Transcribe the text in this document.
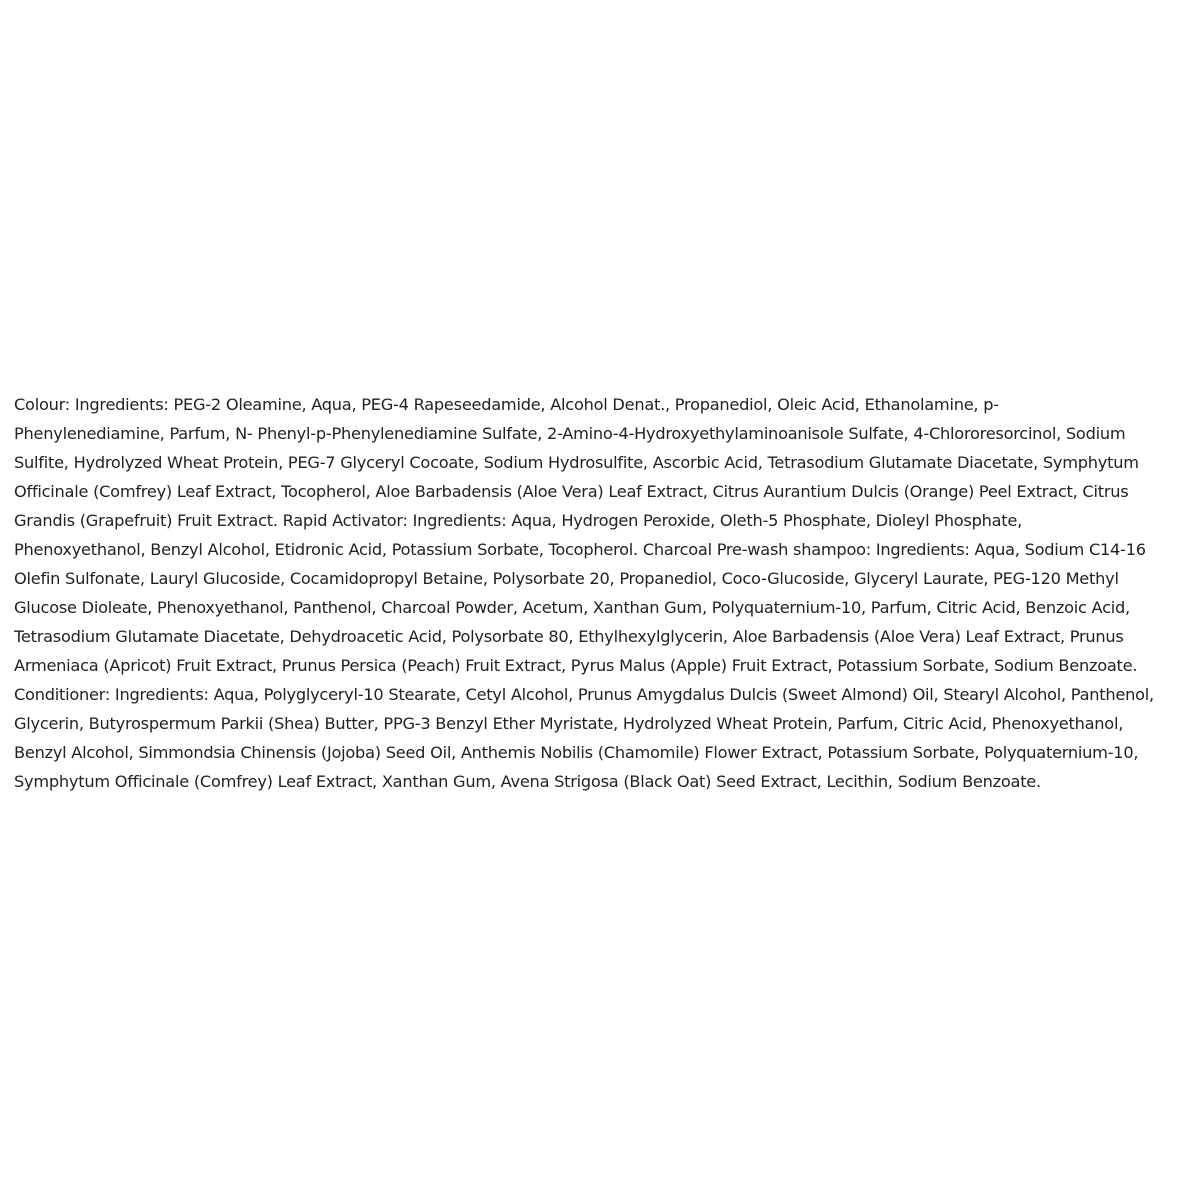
Colour: Ingredients: PEG-2 Oleamine, Aqua, PEG-4 Rapeseedamide, Alcohol Denat., Propanediol, Oleic Acid, Ethanolamine, p-
Phenylenediamine, Parfum, N- Phenyl-p-Phenylenediamine Sulfate, 2-Amino-4-Hydroxyethylaminoanisole Sulfate, 4-Chlororesorcinol, Sodium
Sulfite, Hydrolyzed Wheat Protein, PEG-7 Glyceryl Cocoate, Sodium Hydrosulfite, Ascorbic Acid, Tetrasodium Glutamate Diacetate, Symphytum
Officinale (Comfrey) Leaf Extract, Tocopherol, Aloe Barbadensis (Aloe Vera) Leaf Extract, Citrus Aurantium Dulcis (Orange) Peel Extract, Citrus
Grandis (Grapefruit) Fruit Extract. Rapid Activator: Ingredients: Aqua, Hydrogen Peroxide, Oleth-5 Phosphate, Dioleyl Phosphate,
Phenoxyethanol, Benzyl Alcohol, Etidronic Acid, Potassium Sorbate, Tocopherol. Charcoal Pre-wash shampoo: Ingredients: Aqua, Sodium C14-16
Olefin Sulfonate, Lauryl Glucoside, Cocamidopropyl Betaine, Polysorbate 20, Propanediol, Coco-Glucoside, Glyceryl Laurate, PEG-120 Methyl
Glucose Dioleate, Phenoxyethanol, Panthenol, Charcoal Powder, Acetum, Xanthan Gum, Polyquaternium-10, Parfum, Citric Acid, Benzoic Acid,
Tetrasodium Glutamate Diacetate, Dehydroacetic Acid, Polysorbate 80, Ethylhexylglycerin, Aloe Barbadensis (Aloe Vera) Leaf Extract, Prunus
Armeniaca (Apricot) Fruit Extract, Prunus Persica (Peach) Fruit Extract, Pyrus Malus (Apple) Fruit Extract, Potassium Sorbate, Sodium Benzoate.
Conditioner: Ingredients: Aqua, Polyglyceryl-10 Stearate, Cetyl Alcohol, Prunus Amygdalus Dulcis (Sweet Almond) Oil, Stearyl Alcohol, Panthenol,
Glycerin, Butyrospermum Parkii (Shea) Butter, PPG-3 Benzyl Ether Myristate, Hydrolyzed Wheat Protein, Parfum, Citric Acid, Phenoxyethanol,
Benzyl Alcohol, Simmondsia Chinensis (Jojoba) Seed Oil, Anthemis Nobilis (Chamomile) Flower Extract, Potassium Sorbate, Polyquaternium-10,
Symphytum Officinale (Comfrey) Leaf Extract, Xanthan Gum, Avena Strigosa (Black Oat) Seed Extract, Lecithin, Sodium Benzoate.
